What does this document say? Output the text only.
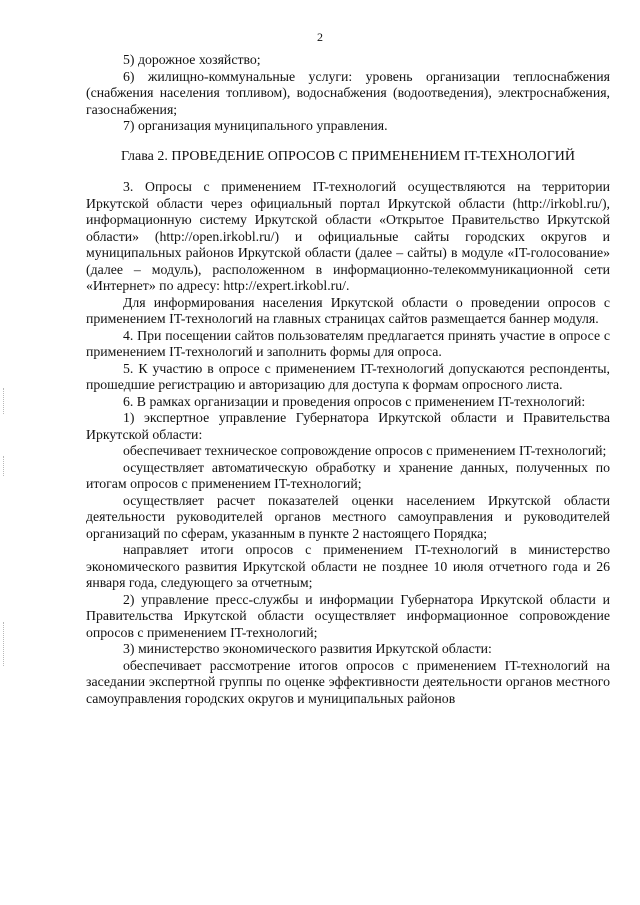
2

5) дорожное хозяйство;

6) жилищно-коммунальные услуги: уровень организации теплоснабжения (снабжения населения топливом), водоснабжения (водоотведения), электроснабжения, газоснабжения;

7) организация муниципального управления.

Глава 2. ПРОВЕДЕНИЕ ОПРОСОВ С ПРИМЕНЕНИЕМ IT-ТЕХНОЛОГИЙ

3. Опросы с применением IT-технологий осуществляются на территории Иркутской области через официальный портал Иркутской области (http://irkobl.ru/), информационную систему Иркутской области «Открытое Правительство Иркутской области» (http://open.irkobl.ru/) и официальные сайты городских округов и муниципальных районов Иркутской области (далее – сайты) в модуле «IT-голосование» (далее – модуль), расположенном в информационно-телекоммуникационной сети «Интернет» по адресу: http://expert.irkobl.ru/.

Для информирования населения Иркутской области о проведении опросов с применением IT-технологий на главных страницах сайтов размещается баннер модуля.

4. При посещении сайтов пользователям предлагается принять участие в опросе с применением IT-технологий и заполнить формы для опроса.

5. К участию в опросе с применением IT-технологий допускаются респонденты, прошедшие регистрацию и авторизацию для доступа к формам опросного листа.

6. В рамках организации и проведения опросов с применением IT-технологий:

1) экспертное управление Губернатора Иркутской области и Правительства Иркутской области:

обеспечивает техническое сопровождение опросов с применением IT-технологий;

осуществляет автоматическую обработку и хранение данных, полученных по итогам опросов с применением IT-технологий;

осуществляет расчет показателей оценки населением Иркутской области деятельности руководителей органов местного самоуправления и руководителей организаций по сферам, указанным в пункте 2 настоящего Порядка;

направляет итоги опросов с применением IT-технологий в министерство экономического развития Иркутской области не позднее 10 июля отчетного года и 26 января года, следующего за отчетным;

2) управление пресс-службы и информации Губернатора Иркутской области и Правительства Иркутской области осуществляет информационное сопровождение опросов с применением IT-технологий;

3) министерство экономического развития Иркутской области:

обеспечивает рассмотрение итогов опросов с применением IT-технологий на заседании экспертной группы по оценке эффективности деятельности органов местного самоуправления городских округов и муниципальных районов
